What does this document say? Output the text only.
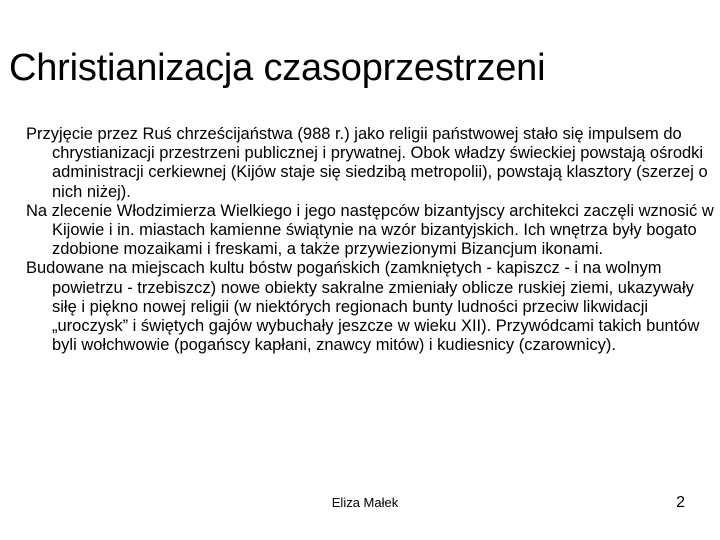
Christianizacja czasoprzestrzeni

Przyjęcie przez Ruś chrześcijaństwa (988 r.) jako religii państwowej stało się impulsem do chrystianizacji przestrzeni publicznej i prywatnej. Obok władzy świeckiej powstają ośrodki administracji cerkiewnej (Kijów staje się siedzibą metropolii), powstają klasztory (szerzej o nich niżej).

Na zlecenie Włodzimierza Wielkiego i jego następców bizantyjscy architekci zaczęli wznosić w Kijowie i in. miastach kamienne świątynie na wzór bizantyjskich. Ich wnętrza były bogato zdobione mozaikami i freskami, a także przywiezionymi Bizancjum ikonami.

Budowane na miejscach kultu bóstw pogańskich (zamkniętych - kapiszcz - i na wolnym powietrzu - trzebiszcz) nowe obiekty sakralne zmieniały oblicze ruskiej ziemi, ukazywały siłę i piękno nowej religii (w niektórych regionach bunty ludności przeciw likwidacji „uroczysk” i świętych gajów wybuchały jeszcze w wieku XII). Przywódcami takich buntów byli wołchwowie (pogańscy kapłani, znawcy mitów) i kudiesnicy (czarownicy).

Eliza Małek	2
